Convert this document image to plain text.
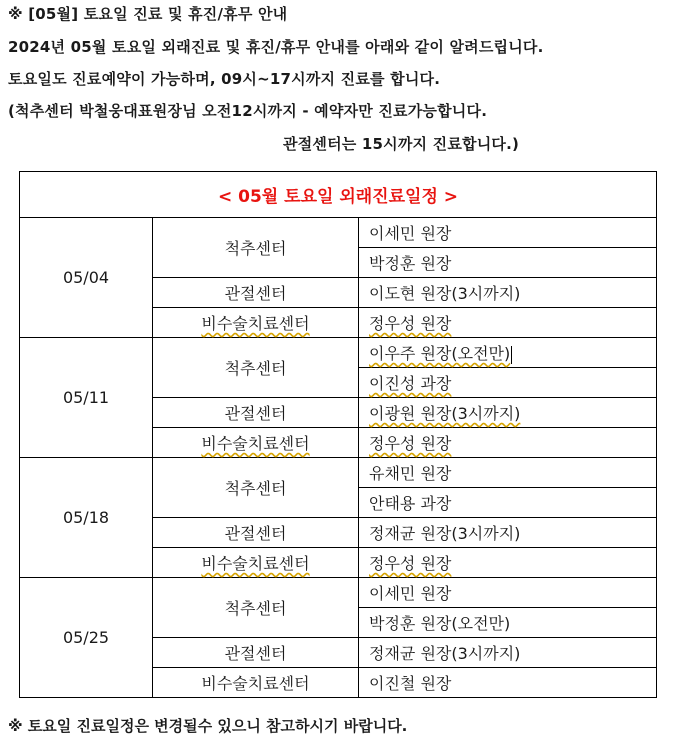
※ [05월] 토요일 진료 및 휴진/휴무 안내
2024년 05월 토요일 외래진료 및 휴진/휴무 안내를 아래와 같이 알려드립니다.
토요일도 진료예약이 가능하며, 09시~17시까지 진료를 합니다.
(척추센터 박철웅대표원장님 오전12시까지 - 예약자만 진료가능합니다.
관절센터는 15시까지 진료합니다.)
< 05월 토요일 외래진료일정 >		
05/04	척추센터	이세민 원장
		박정훈 원장
	관절센터	이도현 원장(3시까지)
	비수술치료센터	정우성 원장
05/11	척추센터	이우주 원장(오전만)
		이진성 과장
	관절센터	이광원 원장(3시까지)
	비수술치료센터	정우성 원장
05/18	척추센터	유채민 원장
		안태용 과장
	관절센터	정재균 원장(3시까지)
	비수술치료센터	정우성 원장
05/25	척추센터	이세민 원장
		박정훈 원장(오전만)
	관절센터	정재균 원장(3시까지)
	비수술치료센터	이진철 원장
※ 토요일 진료일정은 변경될수 있으니 참고하시기 바랍니다.
